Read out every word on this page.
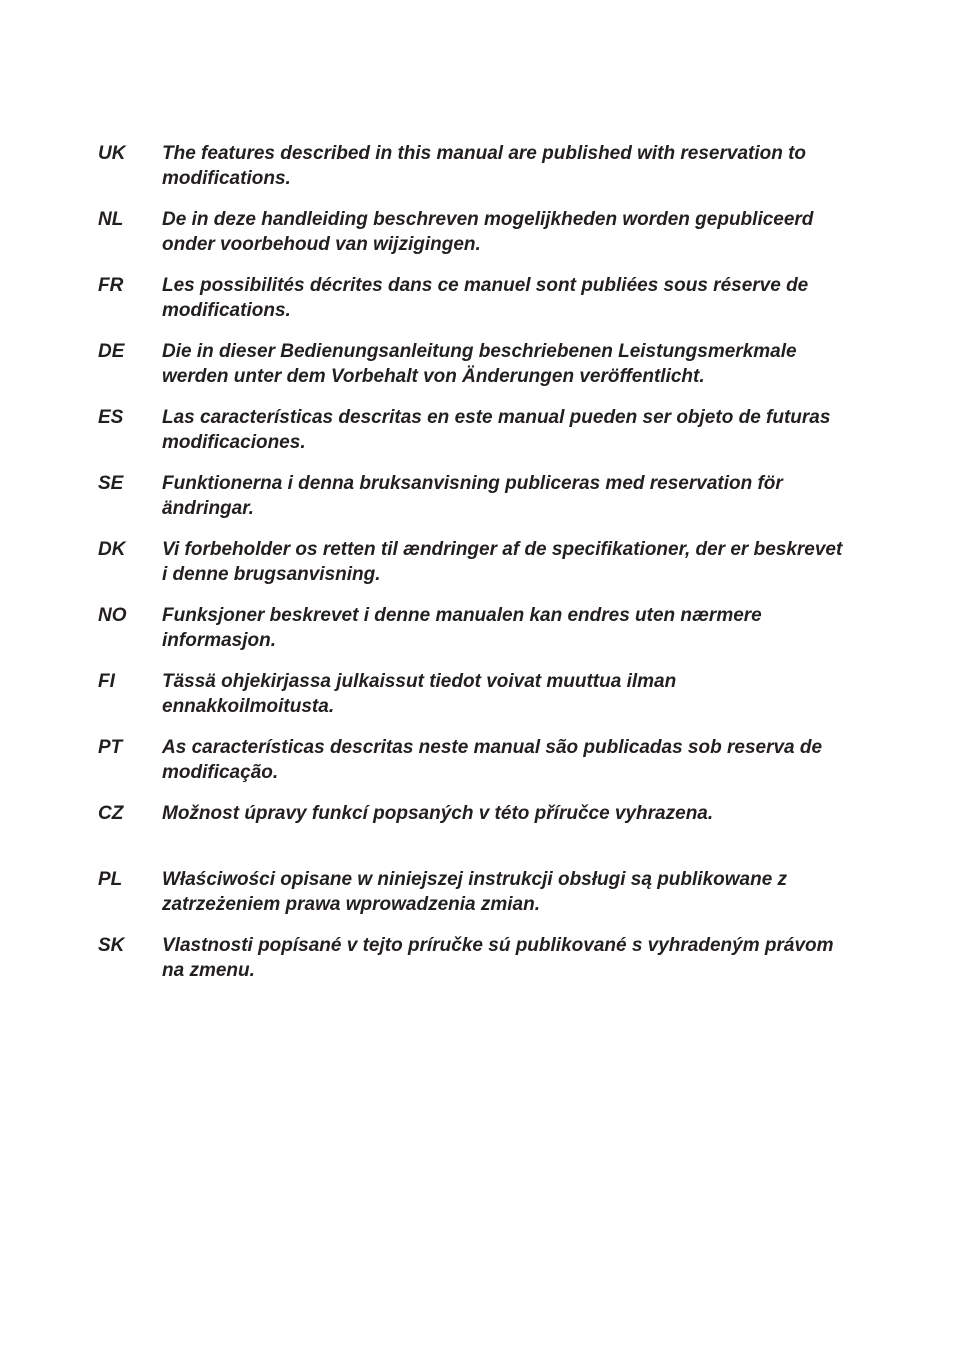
UK	The features described in this manual are published with reservation to
modifications.
NL	De in deze handleiding beschreven mogelijkheden worden gepubliceerd
onder voorbehoud van wijzigingen.
FR	Les possibilités décrites dans ce manuel sont publiées sous réserve de
modifications.
DE	Die in dieser Bedienungsanleitung beschriebenen Leistungsmerkmale
werden unter dem Vorbehalt von Änderungen veröffentlicht.
ES	Las características descritas en este manual pueden ser objeto de futuras
modificaciones.
SE	Funktionerna i denna bruksanvisning publiceras med reservation för
ändringar.
DK	Vi forbeholder os retten til ændringer af de specifikationer, der er beskrevet
i denne brugsanvisning.
NO	Funksjoner beskrevet i denne manualen kan endres uten nærmere
informasjon.
FI	Tässä ohjekirjassa julkaissut tiedot voivat muuttua ilman
ennakkoilmoitusta.
PT	As características descritas neste manual são publicadas sob reserva de
modificação.
CZ	Možnost úpravy funkcí popsaných v této příručce vyhrazena.
PL	Właściwości opisane w niniejszej instrukcji obsługi są publikowane z
zatrzeżeniem prawa wprowadzenia zmian.
SK	Vlastnosti popísané v tejto príručke sú publikované s vyhradeným právom
na zmenu.
